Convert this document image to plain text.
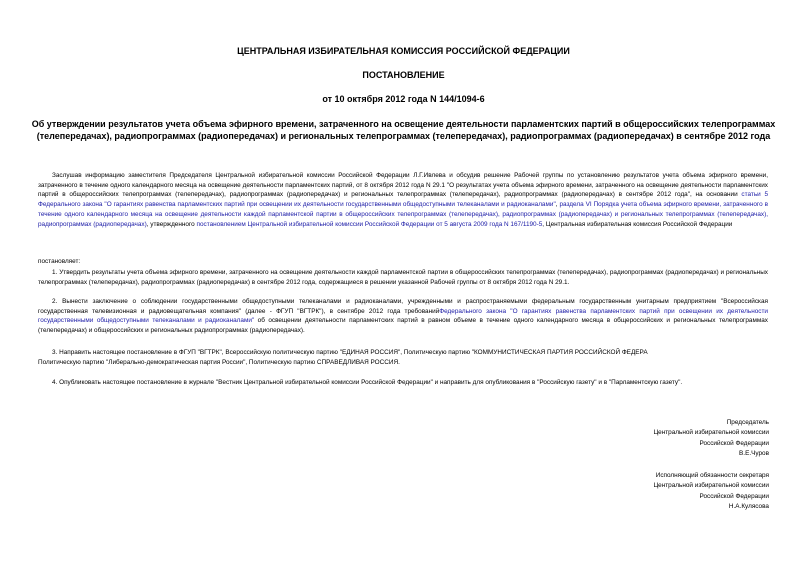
ЦЕНТРАЛЬНАЯ ИЗБИРАТЕЛЬНАЯ КОМИССИЯ РОССИЙСКОЙ ФЕДЕРАЦИИ
ПОСТАНОВЛЕНИЕ
от 10 октября 2012 года N 144/1094-6
Об утверждении результатов учета объема эфирного времени, затраченного на освещение деятельности парламентских партий в общероссийских телепрограммах (телепередачах), радиопрограммах (радиопередачах) и региональных телепрограммах (телепередачах), радиопрограммах (радиопередачах) в сентябре 2012 года

Заслушав информацию заместителя Председателя Центральной избирательной комиссии Российской Федерации Л.Г.Ивлева и обсудив решение Рабочей группы по установлению результатов учета объема эфирного времени, затраченного в течение одного календарного месяца на освещение деятельности парламентских партий, от 8 октября 2012 года N 29.1 "О результатах учета объема эфирного времени, затраченного на освещение деятельности парламентских партий в общероссийских телепрограммах (телепередачах), радиопрограммах (радиопередачах) и региональных телепрограммах (телепередачах), радиопрограммах (радиопередачах) в сентябре 2012 года", на основании статьи 5 Федерального закона "О гарантиях равенства парламентских партий при освещении их деятельности государственными общедоступными телеканалами и радиоканалами", раздела VI Порядка учета объема эфирного времени, затраченного в течение одного календарного месяца на освещение деятельности каждой парламентской партии в общероссийских телепрограммах (телепередачах), радиопрограммах (радиопередачах) и региональных телепрограммах (телепередачах), радиопрограммах (радиопередачах), утвержденного постановлением Центральной избирательной комиссии Российской Федерации от 5 августа 2009 года N 167/1190-5, Центральная избирательная комиссия Российской Федерации

постановляет:

1. Утвердить результаты учета объема эфирного времени, затраченного на освещение деятельности каждой парламентской партии в общероссийских телепрограммах (телепередачах), радиопрограммах (радиопередачах) и региональных телепрограммах (телепередачах), радиопрограммах (радиопередачах) в сентябре 2012 года, содержащиеся в решении указанной Рабочей группы от 8 октября 2012 года N 29.1.

2. Вынести заключение о соблюдении государственными общедоступными телеканалами и радиоканалами, учрежденными и распространяемыми федеральным государственным унитарным предприятием "Всероссийская государственная телевизионная и радиовещательная компания" (далее - ФГУП "ВГТРК"), в сентябре 2012 года требованийФедерального закона "О гарантиях равенства парламентских партий при освещении их деятельности государственными общедоступными телеканалами и радиоканалами" об освещении деятельности парламентских партий в равном объеме в течение одного календарного месяца в общероссийских и региональных телепрограммах (телепередачах) и общероссийских и региональных радиопрограммах (радиопередачах).

3. Направить настоящее постановление в ФГУП "ВГТРК", Всероссийскую политическую партию "ЕДИНАЯ РОССИЯ", Политическую партию "КОММУНИСТИЧЕСКАЯ ПАРТИЯ РОССИЙСКОЙ ФЕДЕРА
Политическую партию "Либерально-демократическая партия России", Политическую партию СПРАВЕДЛИВАЯ РОССИЯ.
4. Опубликовать настоящее постановление в журнале "Вестник Центральной избирательной комиссии Российской Федерации" и направить для опубликования в "Российскую газету" и в "Парламентскую газету".
Председатель
Центральной избирательной комиссии
Российской Федерации
В.Е.Чуров
Исполняющий обязанности секретаря
Центральной избирательной комиссии
Российской Федерации
Н.А.Кулясова
